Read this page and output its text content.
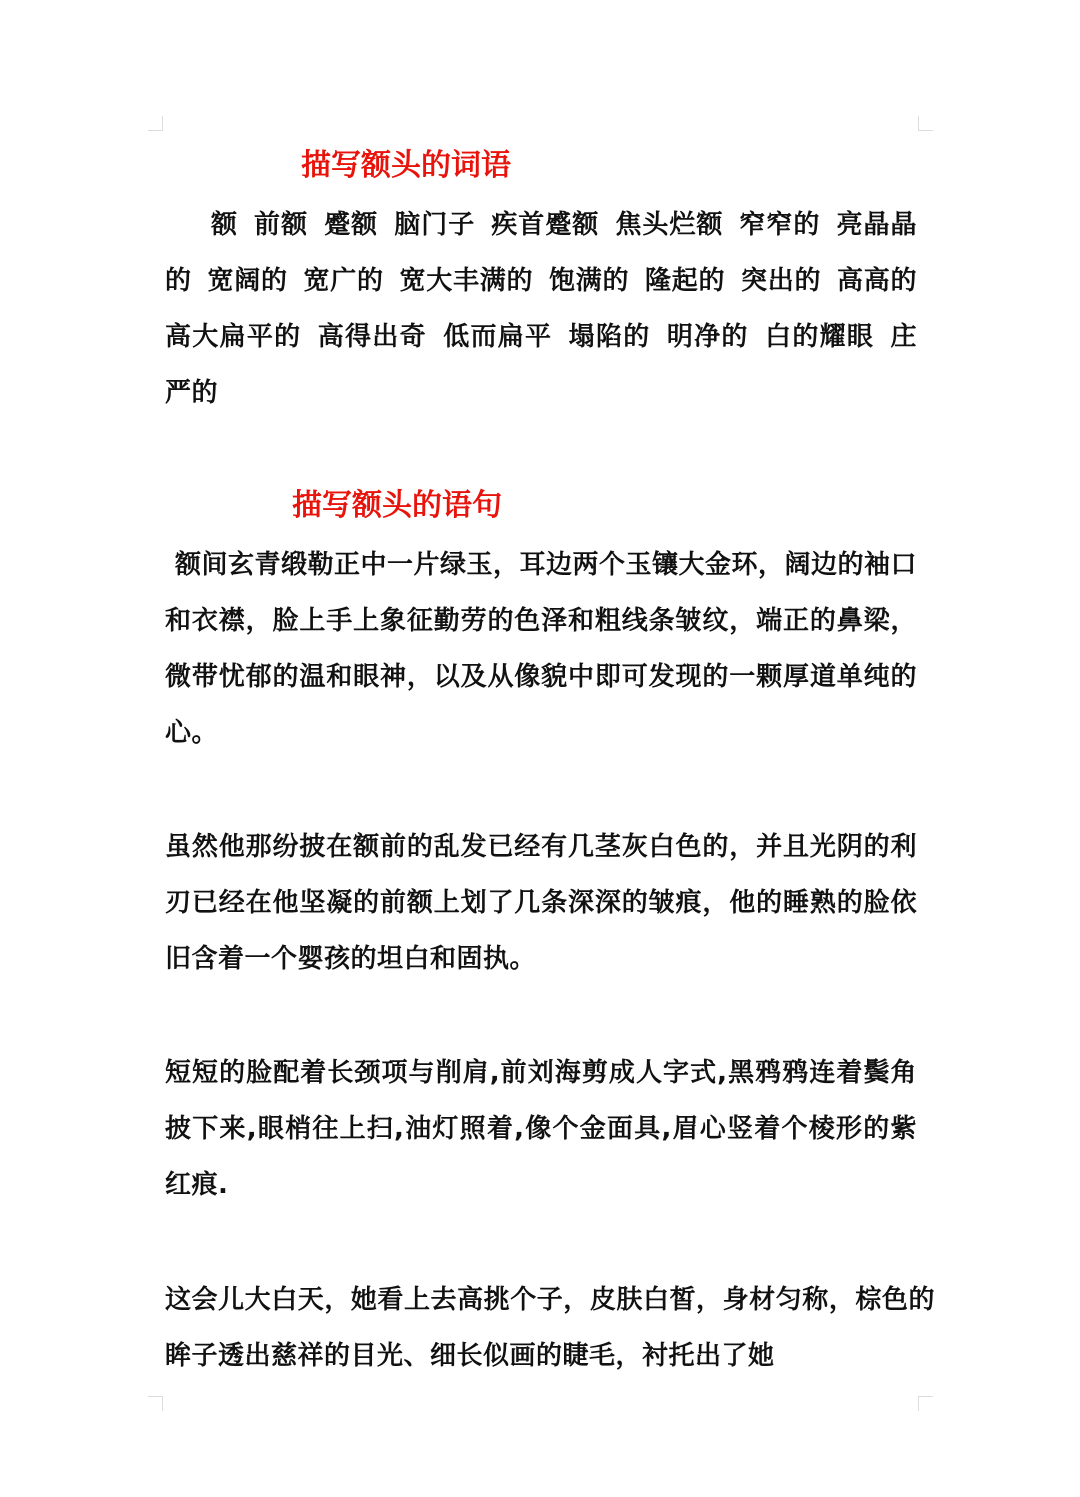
描写额头的词语

额 前额 蹙额 脑门子 疾首蹙额 焦头烂额 窄窄的 亮晶晶的 宽阔的 宽广的 宽大丰满的 饱满的 隆起的 突出的 高高的 高大扁平的 高得出奇 低而扁平 塌陷的 明净的 白的耀眼 庄严的

描写额头的语句

额间玄青缎勒正中一片绿玉，耳边两个玉镶大金环，阔边的袖口和衣襟，脸上手上象征勤劳的色泽和粗线条皱纹，端正的鼻梁，微带忧郁的温和眼神，以及从像貌中即可发现的一颗厚道单纯的心。

虽然他那纷披在额前的乱发已经有几茎灰白色的，并且光阴的利刃已经在他坚凝的前额上划了几条深深的皱痕，他的睡熟的脸依旧含着一个婴孩的坦白和固执。

短短的脸配着长颈项与削肩,前刘海剪成人字式,黑鸦鸦连着鬓角披下来,眼梢往上扫,油灯照着,像个金面具,眉心竖着个棱形的紫红痕.

这会儿大白天，她看上去高挑个子，皮肤白皙，身材匀称，棕色的眸子透出慈祥的目光、细长似画的睫毛，衬托出了她
